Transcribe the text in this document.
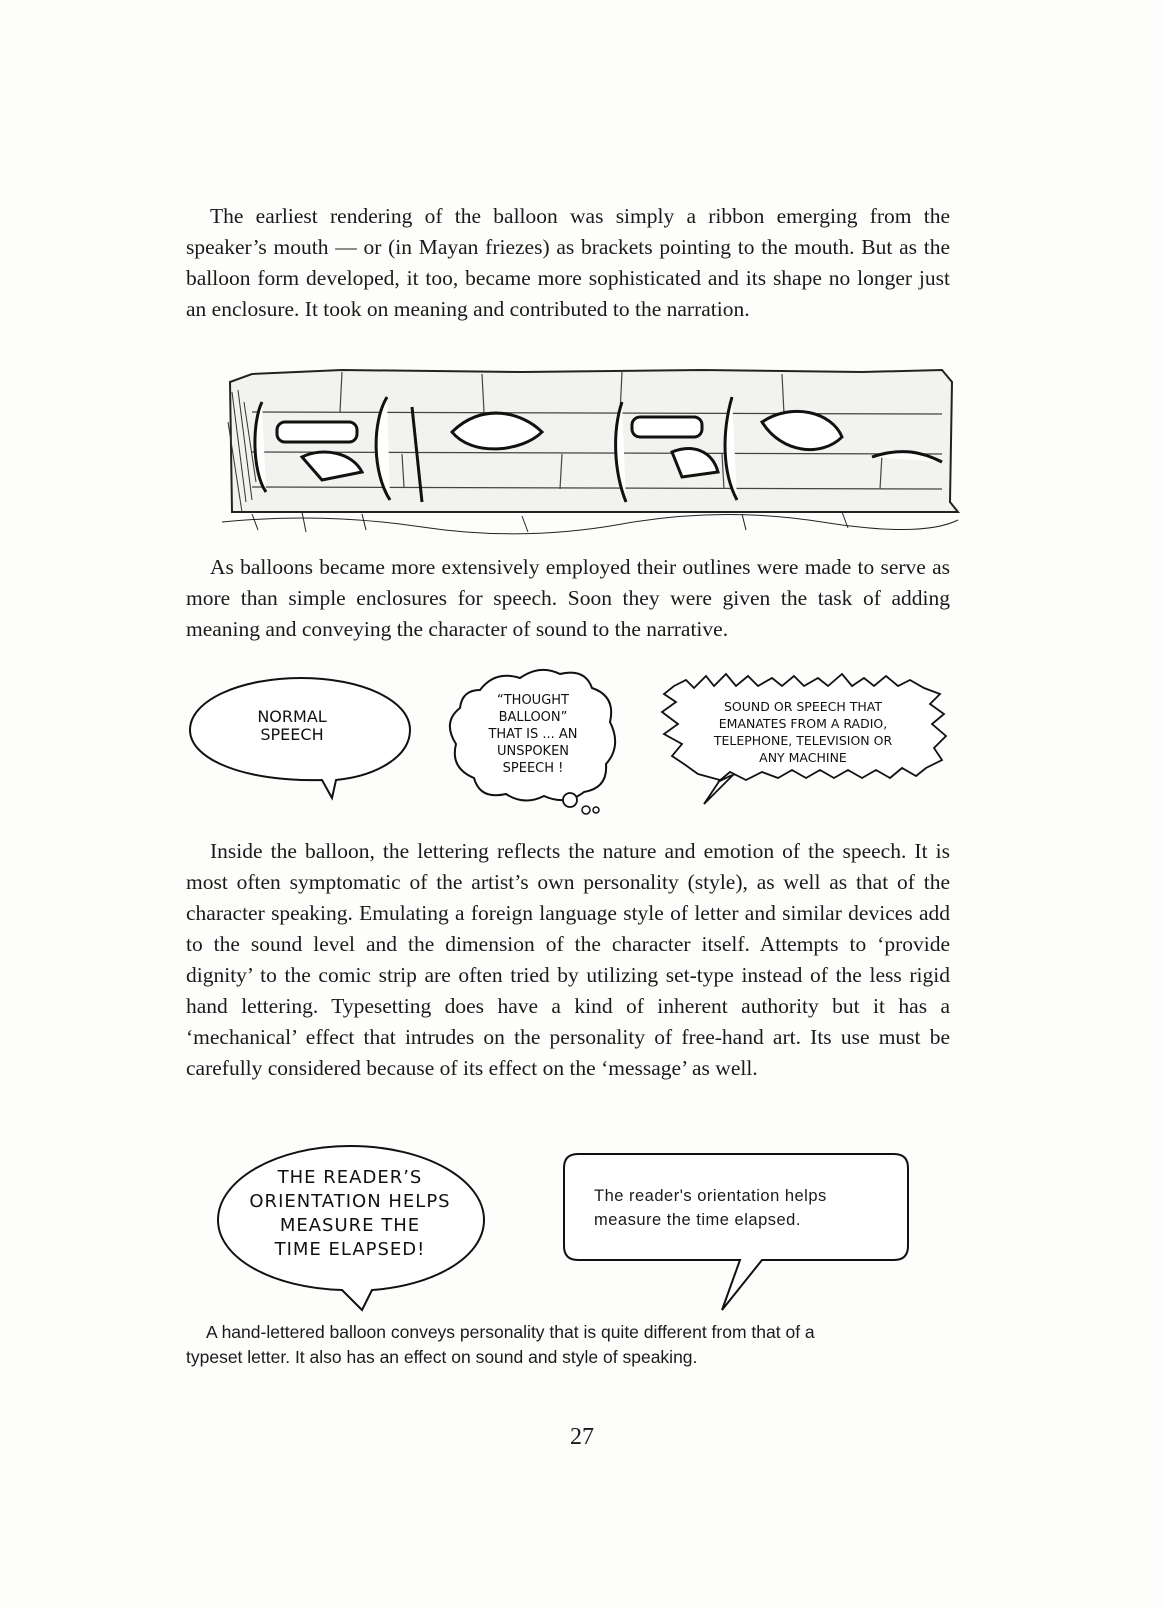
The earliest rendering of the balloon was simply a ribbon emerging from the speaker’s mouth — or (in Mayan friezes) as brackets pointing to the mouth. But as the balloon form developed, it too, became more sophisticated and its shape no longer just an enclosure. It took on meaning and contributed to the narration.

As balloons became more extensively employed their outlines were made to serve as more than simple enclosures for speech. Soon they were given the task of adding meaning and conveying the character of sound to the narrative.

NORMAL
SPEECH
“THOUGHT
BALLOON”
THAT IS ... AN
UNSPOKEN
SPEECH !
SOUND OR SPEECH THAT
EMANATES FROM A RADIO,
TELEPHONE, TELEVISION OR
ANY MACHINE

Inside the balloon, the lettering reflects the nature and emotion of the speech. It is most often symptomatic of the artist’s own personality (style), as well as that of the character speaking. Emulating a foreign language style of letter and similar devices add to the sound level and the dimension of the character itself. Attempts to ‘provide dignity’ to the comic strip are often tried by utilizing set-type instead of the less rigid hand lettering. Typesetting does have a kind of inherent authority but it has a ‘mechanical’ effect that intrudes on the personality of free-hand art. Its use must be carefully considered because of its effect on the ‘message’ as well.

THE READER’S
ORIENTATION HELPS
MEASURE THE
TIME ELAPSED!
The reader's orientation helps
measure the time elapsed.
A hand-lettered balloon conveys personality that is quite different from that of a
typeset letter. It also has an effect on sound and style of speaking.
27
